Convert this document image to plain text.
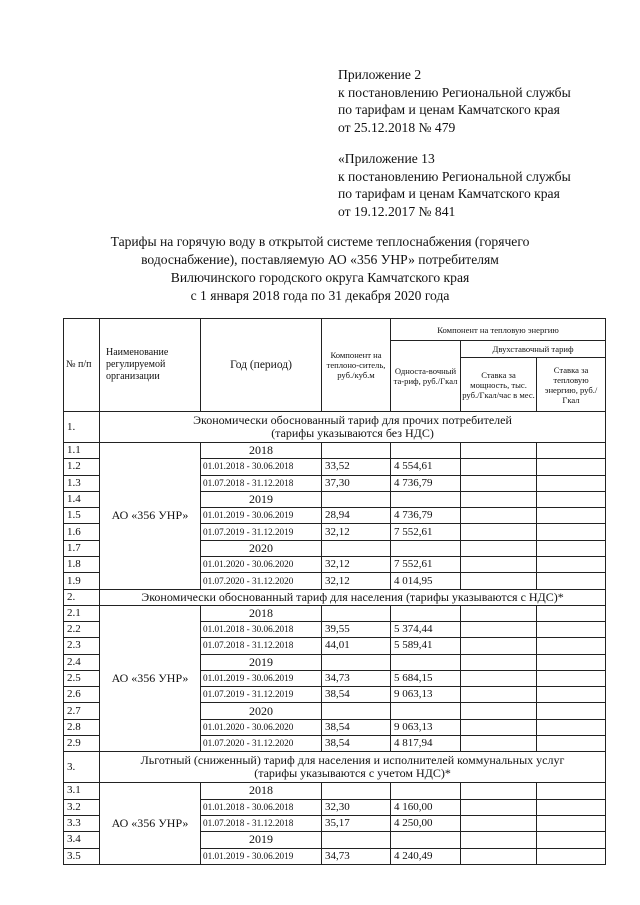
Приложение 2
к постановлению Региональной службы
по тарифам и ценам Камчатского края
от 25.12.2018 № 479
«Приложение 13
к постановлению Региональной службы
по тарифам и ценам Камчатского края
от 19.12.2017 № 841
Тарифы на горячую воду в открытой системе теплоснабжения (горячего
водоснабжение), поставляемую АО «356 УНР» потребителям
Вилючинского городского округа Камчатского края
с 1 января 2018 года по 31 декабря 2020 года
№ п/п	Наименование регулируемой организации	Год (период)	Компонент на теплоно-ситель, руб./куб.м	Компонент на тепловую энергию		
				Односта-вочный та-риф, руб./Гкал	Двухставочный тариф	
					Ставка за мощность, тыс. руб./Гкал/час в мес.	Ставка за тепловую энергию, руб./Гкал
1.	Экономически обоснованный тариф для прочих потребителей
(тарифы указываются без НДС)					

1.1	АО «356 УНР»	2018				
1.2		01.01.2018 - 30.06.2018	33,52	4 554,61		
1.3		01.07.2018 - 31.12.2018	37,30	4 736,79		
1.4		2019				
1.5		01.01.2019 - 30.06.2019	28,94	4 736,79		
1.6		01.07.2019 - 31.12.2019	32,12	7 552,61		
1.7		2020				
1.8		01.01.2020 - 30.06.2020	32,12	7 552,61		
1.9		01.07.2020 - 31.12.2020	32,12	4 014,95		
2.	Экономически обоснованный тариф для населения (тарифы указываются с НДС)*					

2.1	АО «356 УНР»	2018				
2.2		01.01.2018 - 30.06.2018	39,55	5 374,44		
2.3		01.07.2018 - 31.12.2018	44,01	5 589,41		
2.4		2019				
2.5		01.01.2019 - 30.06.2019	34,73	5 684,15		
2.6		01.07.2019 - 31.12.2019	38,54	9 063,13		
2.7		2020				
2.8		01.01.2020 - 30.06.2020	38,54	9 063,13		
2.9		01.07.2020 - 31.12.2020	38,54	4 817,94		
3.	Льготный (сниженный) тариф для населения и исполнителей коммунальных услуг
(тарифы указываются с учетом НДС)*					

3.1	АО «356 УНР»	2018				
3.2		01.01.2018 - 30.06.2018	32,30	4 160,00		
3.3		01.07.2018 - 31.12.2018	35,17	4 250,00		
3.4		2019				
3.5		01.01.2019 - 30.06.2019	34,73	4 240,49		
